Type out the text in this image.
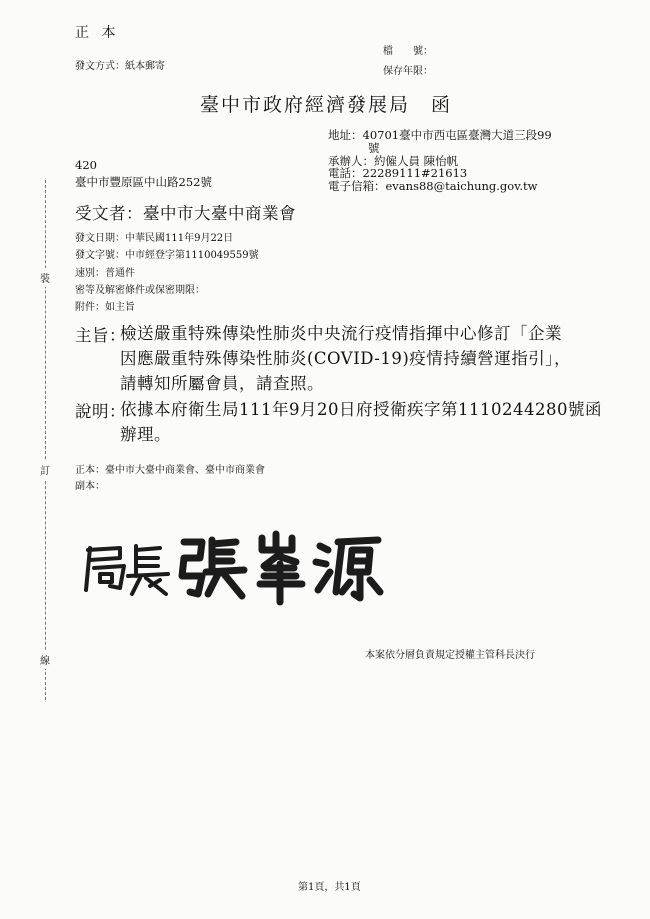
裝
訂
線
正 本
發文方式：紙本郵寄
檔　　號：
保存年限：
臺中市政府經濟發展局　函
地址：40701臺中市西屯區臺灣大道三段99
號
承辦人：約僱人員 陳怡帆
電話：22289111#21613
電子信箱：evans88@taichung.gov.tw
420
臺中市豐原區中山路252號
受文者：臺中市大臺中商業會
發文日期：中華民國111年9月22日
發文字號：中市經登字第1110049559號
速別：普通件
密等及解密條件或保密期限：
附件：如主旨
主旨：
檢送嚴重特殊傳染性肺炎中央流行疫情指揮中心修訂「企業
因應嚴重特殊傳染性肺炎(COVID-19)疫情持續營運指引」，
請轉知所屬會員，請查照。
說明：
依據本府衛生局111年9月20日府授衛疾字第1110244280號函
辦理。
正本：臺中市大臺中商業會、臺中市商業會
副本：
本案依分層負責規定授權主管科長決行
第1頁，共1頁
